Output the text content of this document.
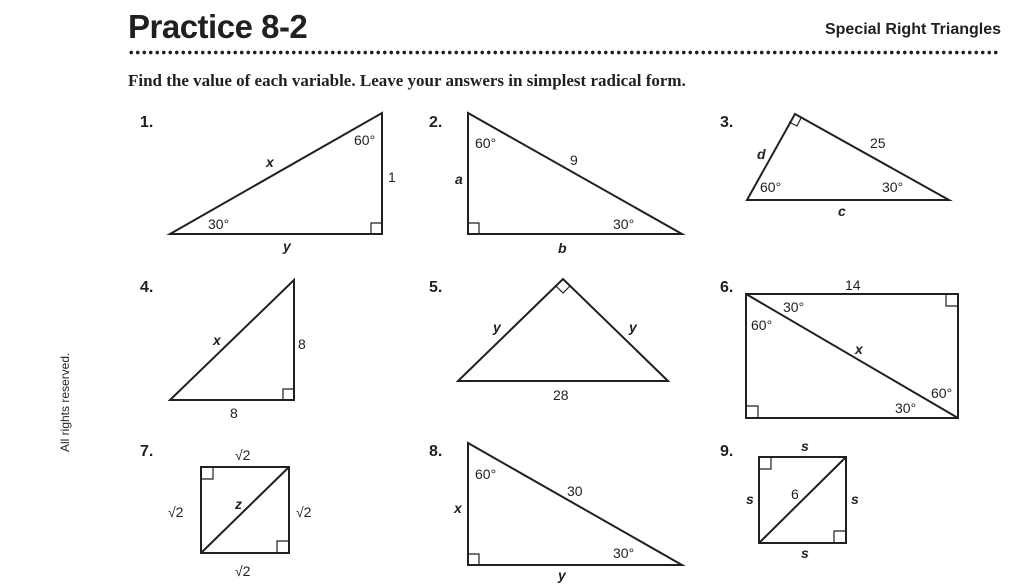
Practice 8-2	Special Right Triangles
Find the value of each variable. Leave your answers in simplest radical form.
All rights reserved.
1.
60°
30°
x
1
y
2.
60°
30°
9
a
b
3.
60°	30°
d
25
c
4.
x	8
8
5.
y	y
28
6.	14
30°
60°
x
60°
30°
7.	√2
√2	√2
√2
z
8.
60°
30°
30
x
y
9.	s
s	s
s
6
